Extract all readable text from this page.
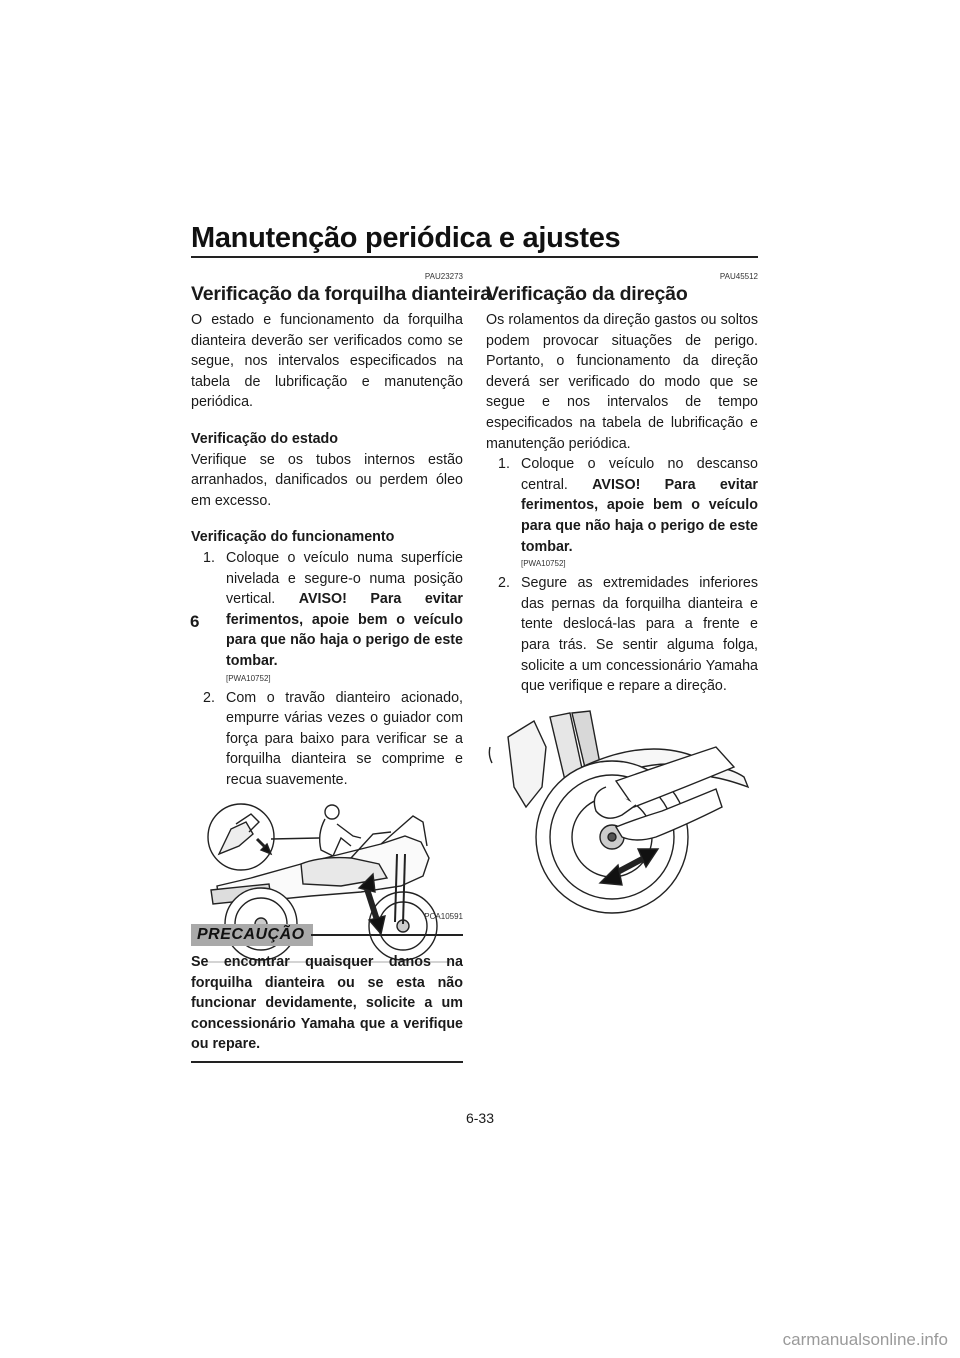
Manutenção periódica e ajustes
6
PAU23273
Verificação da forquilha dianteira

O estado e funcionamento da forquilha dianteira deverão ser verificados como se segue, nos intervalos especificados na tabela de lubrificação e manutenção periódica.

Verificação do estado

Verifique se os tubos internos estão arranhados, danificados ou perdem óleo em excesso.

Verificação do funcionamento
1. Coloque o veículo numa superfície nivelada e segure-o numa posição vertical. AVISO! Para evitar ferimentos, apoie bem o veículo para que não haja o perigo de este tombar.
[PWA10752]
2. Com o travão dianteiro acionado, empurre várias vezes o guiador com força para baixo para verificar se a forquilha dianteira se comprime e recua suavemente.
PCA10591
PRECAUÇÃO
Se encontrar quaisquer danos na forquilha dianteira ou se esta não funcionar devidamente, solicite a um concessionário Yamaha que a verifique ou repare.
PAU45512
Verificação da direção

Os rolamentos da direção gastos ou soltos podem provocar situações de perigo. Portanto, o funcionamento da direção deverá ser verificado do modo que se segue e nos intervalos de tempo especificados na tabela de lubrificação e manutenção periódica.

1. Coloque o veículo no descanso central. AVISO! Para evitar ferimentos, apoie bem o veículo para que não haja o perigo de este tombar.
[PWA10752]
2. Segure as extremidades inferiores das pernas da forquilha dianteira e tente deslocá-las para a frente e para trás. Se sentir alguma folga, solicite a um concessionário Yamaha que verifique e repare a direção.
6-33
carmanualsonline.info
